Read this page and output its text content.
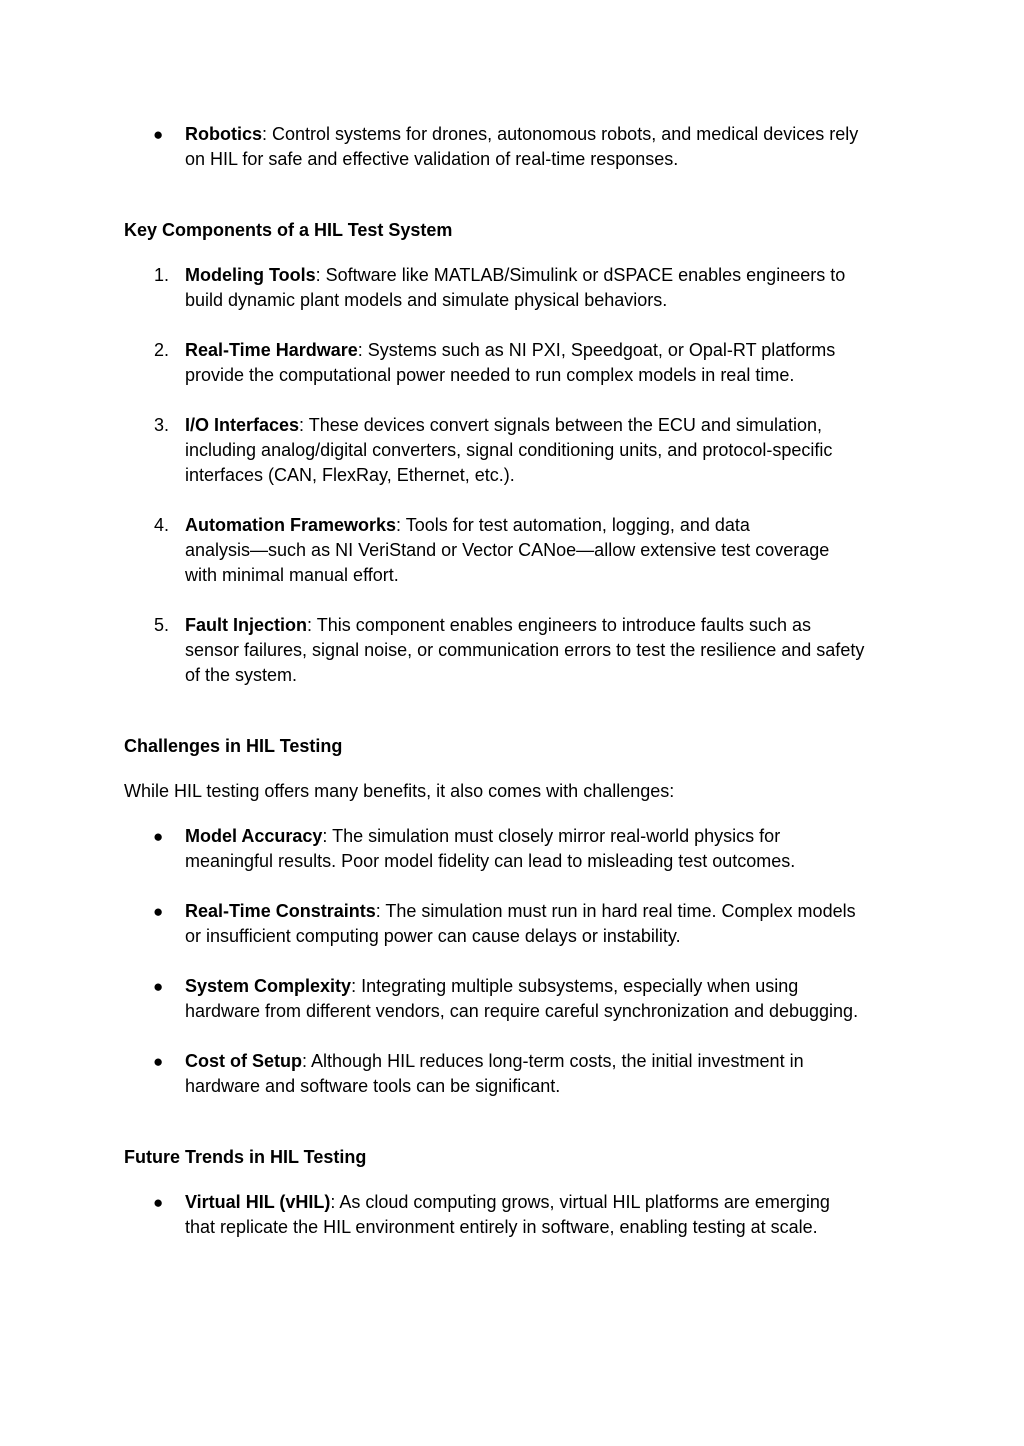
● Robotics: Control systems for drones, autonomous robots, and medical devices rely
on HIL for safe and effective validation of real-time responses.
Key Components of a HIL Test System
1. Modeling Tools: Software like MATLAB/Simulink or dSPACE enables engineers to
build dynamic plant models and simulate physical behaviors.
2. Real-Time Hardware: Systems such as NI PXI, Speedgoat, or Opal-RT platforms
provide the computational power needed to run complex models in real time.
3. I/O Interfaces: These devices convert signals between the ECU and simulation,
including analog/digital converters, signal conditioning units, and protocol-specific
interfaces (CAN, FlexRay, Ethernet, etc.).
4. Automation Frameworks: Tools for test automation, logging, and data
analysis—such as NI VeriStand or Vector CANoe—allow extensive test coverage
with minimal manual effort.
5. Fault Injection: This component enables engineers to introduce faults such as
sensor failures, signal noise, or communication errors to test the resilience and safety
of the system.
Challenges in HIL Testing
While HIL testing offers many benefits, it also comes with challenges:
● Model Accuracy: The simulation must closely mirror real-world physics for
meaningful results. Poor model fidelity can lead to misleading test outcomes.
● Real-Time Constraints: The simulation must run in hard real time. Complex models
or insufficient computing power can cause delays or instability.
● System Complexity: Integrating multiple subsystems, especially when using
hardware from different vendors, can require careful synchronization and debugging.
● Cost of Setup: Although HIL reduces long-term costs, the initial investment in
hardware and software tools can be significant.
Future Trends in HIL Testing
● Virtual HIL (vHIL): As cloud computing grows, virtual HIL platforms are emerging
that replicate the HIL environment entirely in software, enabling testing at scale.
